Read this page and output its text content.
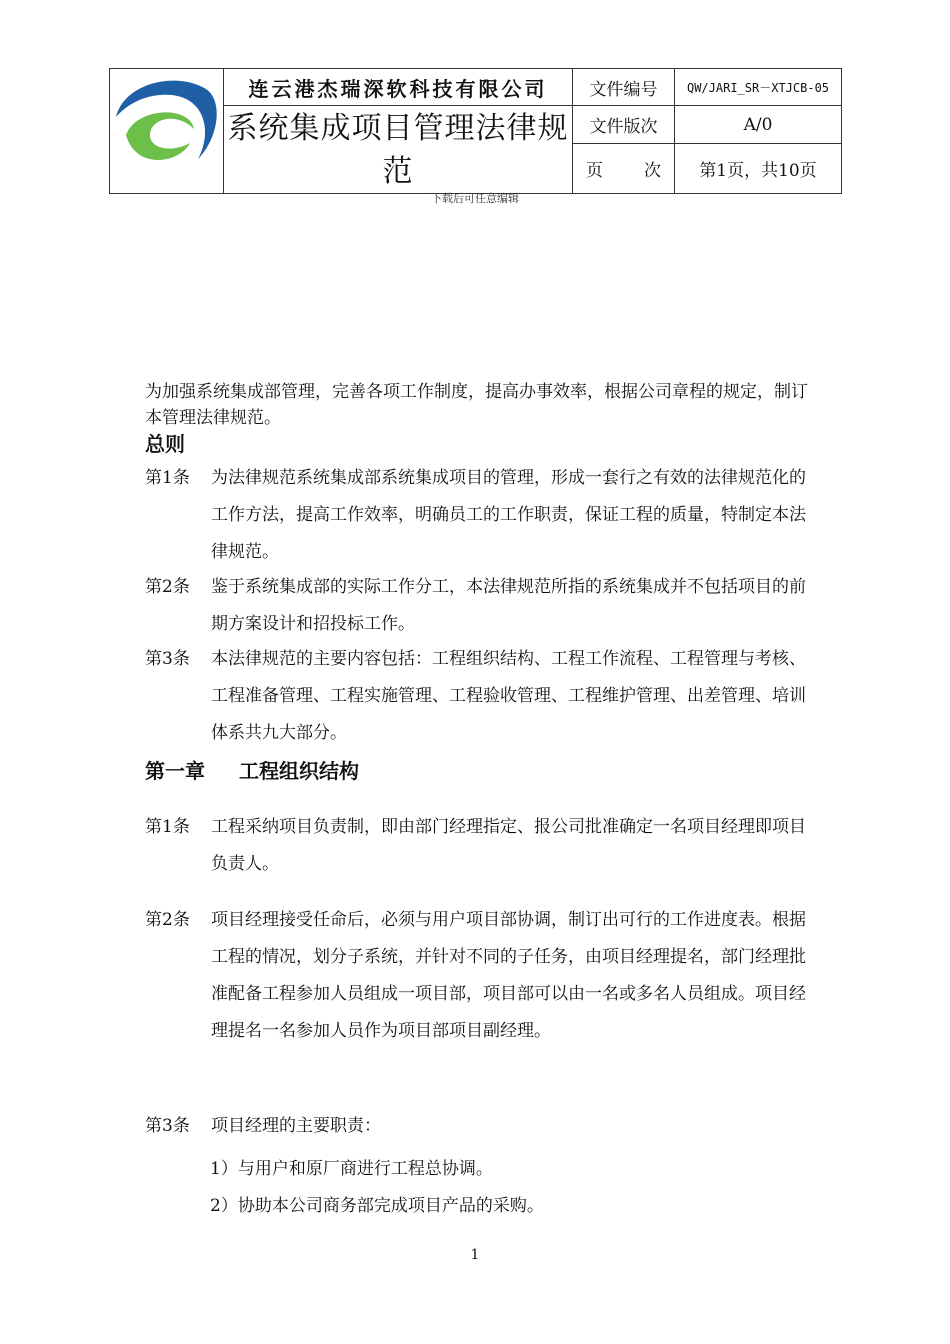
	连云港杰瑞深软科技有限公司	文件编号	QW/JARI_SR－XTJCB-05
	系统集成项目管理法律规范	文件版次	A/0

		页 次	第1页，共10页
下载后可任意编辑
为加强系统集成部管理，完善各项工作制度，提高办事效率，根据公司章程的规定，制订本管理法律规范。
总则
第1条 为法律规范系统集成部系统集成项目的管理，形成一套行之有效的法律规范化的工作方法，提高工作效率，明确员工的工作职责，保证工程的质量，特制定本法律规范。
第2条 鉴于系统集成部的实际工作分工，本法律规范所指的系统集成并不包括项目的前期方案设计和招投标工作。
第3条 本法律规范的主要内容包括：工程组织结构、工程工作流程、工程管理与考核、工程准备管理、工程实施管理、工程验收管理、工程维护管理、出差管理、培训体系共九大部分。
第一章 工程组织结构
第1条 工程采纳项目负责制，即由部门经理指定、报公司批准确定一名项目经理即项目负责人。
第2条 项目经理接受任命后，必须与用户项目部协调，制订出可行的工作进度表。根据工程的情况，划分子系统，并针对不同的子任务，由项目经理提名，部门经理批准配备工程参加人员组成一项目部，项目部可以由一名或多名人员组成。项目经理提名一名参加人员作为项目部项目副经理。
第3条 项目经理的主要职责：
1）与用户和原厂商进行工程总协调。
2）协助本公司商务部完成项目产品的采购。
1
